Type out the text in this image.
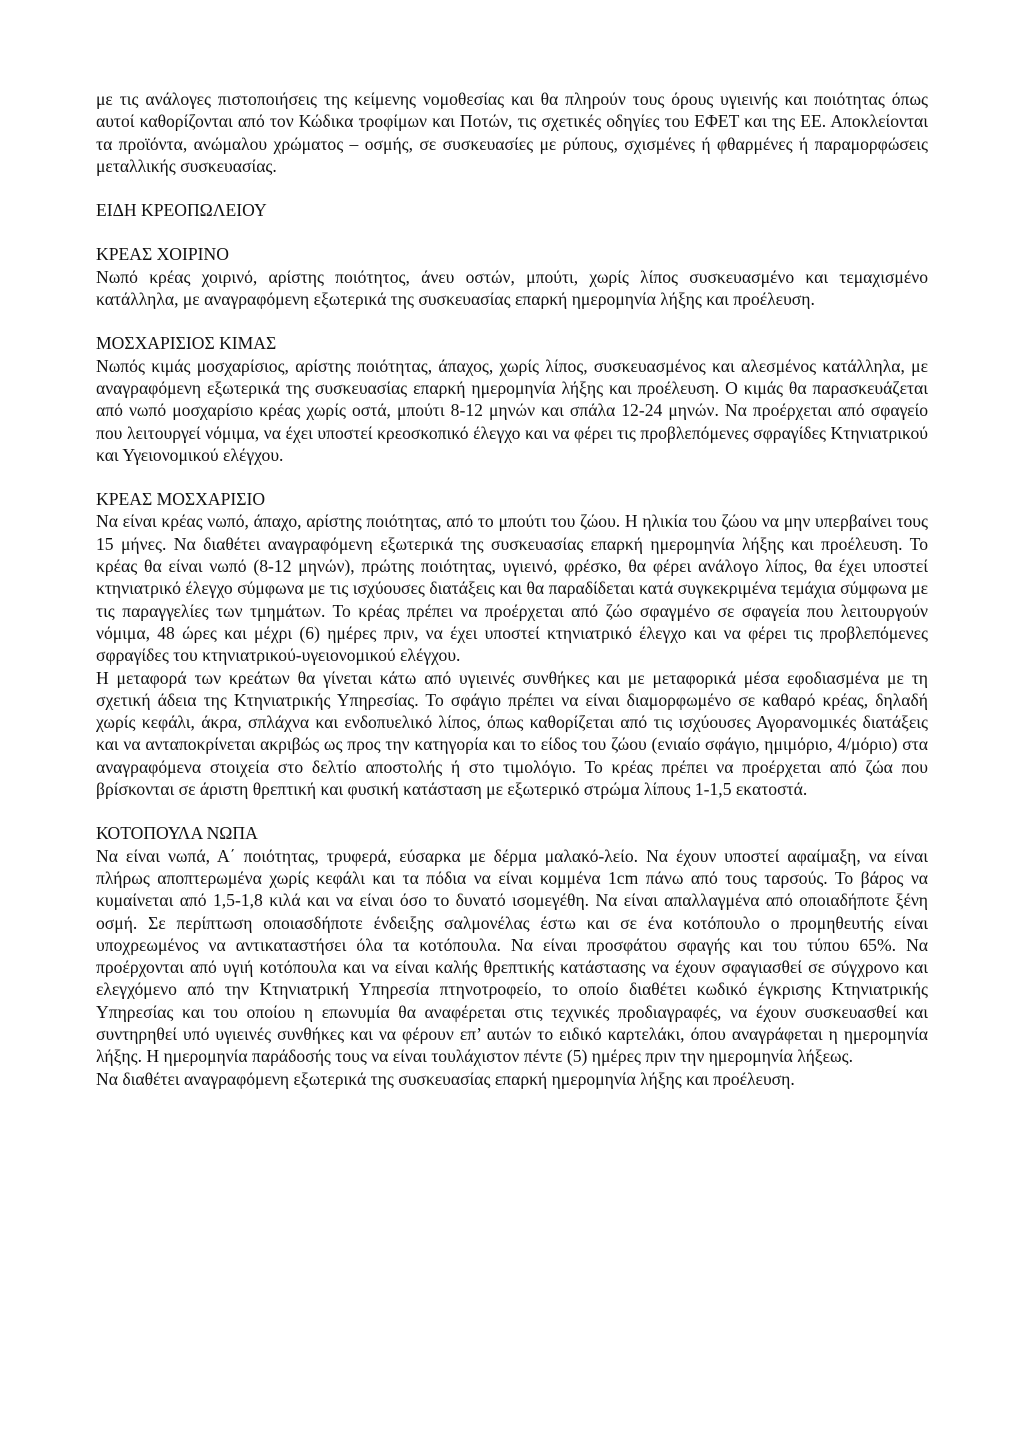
με τις ανάλογες πιστοποιήσεις της κείμενης νομοθεσίας και θα πληρούν τους όρους υγιεινής και ποιότητας όπως αυτοί καθορίζονται από τον Κώδικα τροφίμων και Ποτών, τις σχετικές οδηγίες του ΕΦΕΤ και της ΕΕ. Αποκλείονται τα προϊόντα, ανώμαλου χρώματος – οσμής, σε συσκευασίες με ρύπους, σχισμένες ή φθαρμένες ή παραμορφώσεις μεταλλικής συσκευασίας.

ΕΙΔΗ ΚΡΕΟΠΩΛΕΙΟΥ

ΚΡΕΑΣ ΧΟΙΡΙΝΟ

Νωπό κρέας χοιρινό, αρίστης ποιότητος, άνευ οστών, μπούτι, χωρίς λίπος συσκευασμένο και τεμαχισμένο κατάλληλα, με αναγραφόμενη εξωτερικά της συσκευασίας επαρκή ημερομηνία λήξης και προέλευση.

ΜΟΣΧΑΡΙΣΙΟΣ ΚΙΜΑΣ

Νωπός κιμάς μοσχαρίσιος, αρίστης ποιότητας, άπαχος, χωρίς λίπος, συσκευασμένος και αλεσμένος κατάλληλα, με αναγραφόμενη εξωτερικά της συσκευασίας επαρκή ημερομηνία λήξης και προέλευση. Ο κιμάς θα παρασκευάζεται από νωπό μοσχαρίσιο κρέας χωρίς οστά, μπούτι 8-12 μηνών και σπάλα 12-24 μηνών. Να προέρχεται από σφαγείο που λειτουργεί νόμιμα, να έχει υποστεί κρεοσκοπικό έλεγχο και να φέρει τις προβλεπόμενες σφραγίδες Κτηνιατρικού και Υγειονομικού ελέγχου.

ΚΡΕΑΣ ΜΟΣΧΑΡΙΣΙΟ

Να είναι κρέας νωπό, άπαχο, αρίστης ποιότητας, από το μπούτι του ζώου. Η ηλικία του ζώου να μην υπερβαίνει τους 15 μήνες. Να διαθέτει αναγραφόμενη εξωτερικά της συσκευασίας επαρκή ημερομηνία λήξης και προέλευση. Το κρέας θα είναι νωπό (8-12 μηνών), πρώτης ποιότητας, υγιεινό, φρέσκο, θα φέρει ανάλογο λίπος, θα έχει υποστεί κτηνιατρικό έλεγχο σύμφωνα με τις ισχύουσες διατάξεις και θα παραδίδεται κατά συγκεκριμένα τεμάχια σύμφωνα με τις παραγγελίες των τμημάτων. Το κρέας πρέπει να προέρχεται από ζώο σφαγμένο σε σφαγεία που λειτουργούν νόμιμα, 48 ώρες και μέχρι (6) ημέρες πριν, να έχει υποστεί κτηνιατρικό έλεγχο και να φέρει τις προβλεπόμενες σφραγίδες του κτηνιατρικού-υγειονομικού ελέγχου.

Η μεταφορά των κρεάτων θα γίνεται κάτω από υγιεινές συνθήκες και με μεταφορικά μέσα εφοδιασμένα με τη σχετική άδεια της Κτηνιατρικής Υπηρεσίας. Το σφάγιο πρέπει να είναι διαμορφωμένο σε καθαρό κρέας, δηλαδή χωρίς κεφάλι, άκρα, σπλάχνα και ενδοπυελικό λίπος, όπως καθορίζεται από τις ισχύουσες Αγορανομικές διατάξεις και να ανταποκρίνεται ακριβώς ως προς την κατηγορία και το είδος του ζώου (ενιαίο σφάγιο, ημιμόριο, 4/μόριο) στα αναγραφόμενα στοιχεία στο δελτίο αποστολής ή στο τιμολόγιο. Το κρέας πρέπει να προέρχεται από ζώα που βρίσκονται σε άριστη θρεπτική και φυσική κατάσταση με εξωτερικό στρώμα λίπους 1-1,5 εκατοστά.

ΚΟΤΟΠΟΥΛΑ ΝΩΠΑ

Να είναι νωπά, Α΄ ποιότητας, τρυφερά, εύσαρκα με δέρμα μαλακό-λείο. Να έχουν υποστεί αφαίμαξη, να είναι πλήρως αποπτερωμένα χωρίς κεφάλι και τα πόδια να είναι κομμένα 1cm πάνω από τους ταρσούς. Το βάρος να κυμαίνεται από 1,5-1,8 κιλά και να είναι όσο το δυνατό ισομεγέθη. Να είναι απαλλαγμένα από οποιαδήποτε ξένη οσμή. Σε περίπτωση οποιασδήποτε ένδειξης σαλμονέλας έστω και σε ένα κοτόπουλο ο προμηθευτής είναι υποχρεωμένος να αντικαταστήσει όλα τα κοτόπουλα. Να είναι προσφάτου σφαγής και του τύπου 65%. Να προέρχονται από υγιή κοτόπουλα και να είναι καλής θρεπτικής κατάστασης να έχουν σφαγιασθεί σε σύγχρονο και ελεγχόμενο από την Κτηνιατρική Υπηρεσία πτηνοτροφείο, το οποίο διαθέτει κωδικό έγκρισης Κτηνιατρικής Υπηρεσίας και του οποίου η επωνυμία θα αναφέρεται στις τεχνικές προδιαγραφές, να έχουν συσκευασθεί και συντηρηθεί υπό υγιεινές συνθήκες και να φέρουν επ’ αυτών το ειδικό καρτελάκι, όπου αναγράφεται η ημερομηνία λήξης. Η ημερομηνία παράδοσής τους να είναι τουλάχιστον πέντε (5) ημέρες πριν την ημερομηνία λήξεως.

Να διαθέτει αναγραφόμενη εξωτερικά της συσκευασίας επαρκή ημερομηνία λήξης και προέλευση.
